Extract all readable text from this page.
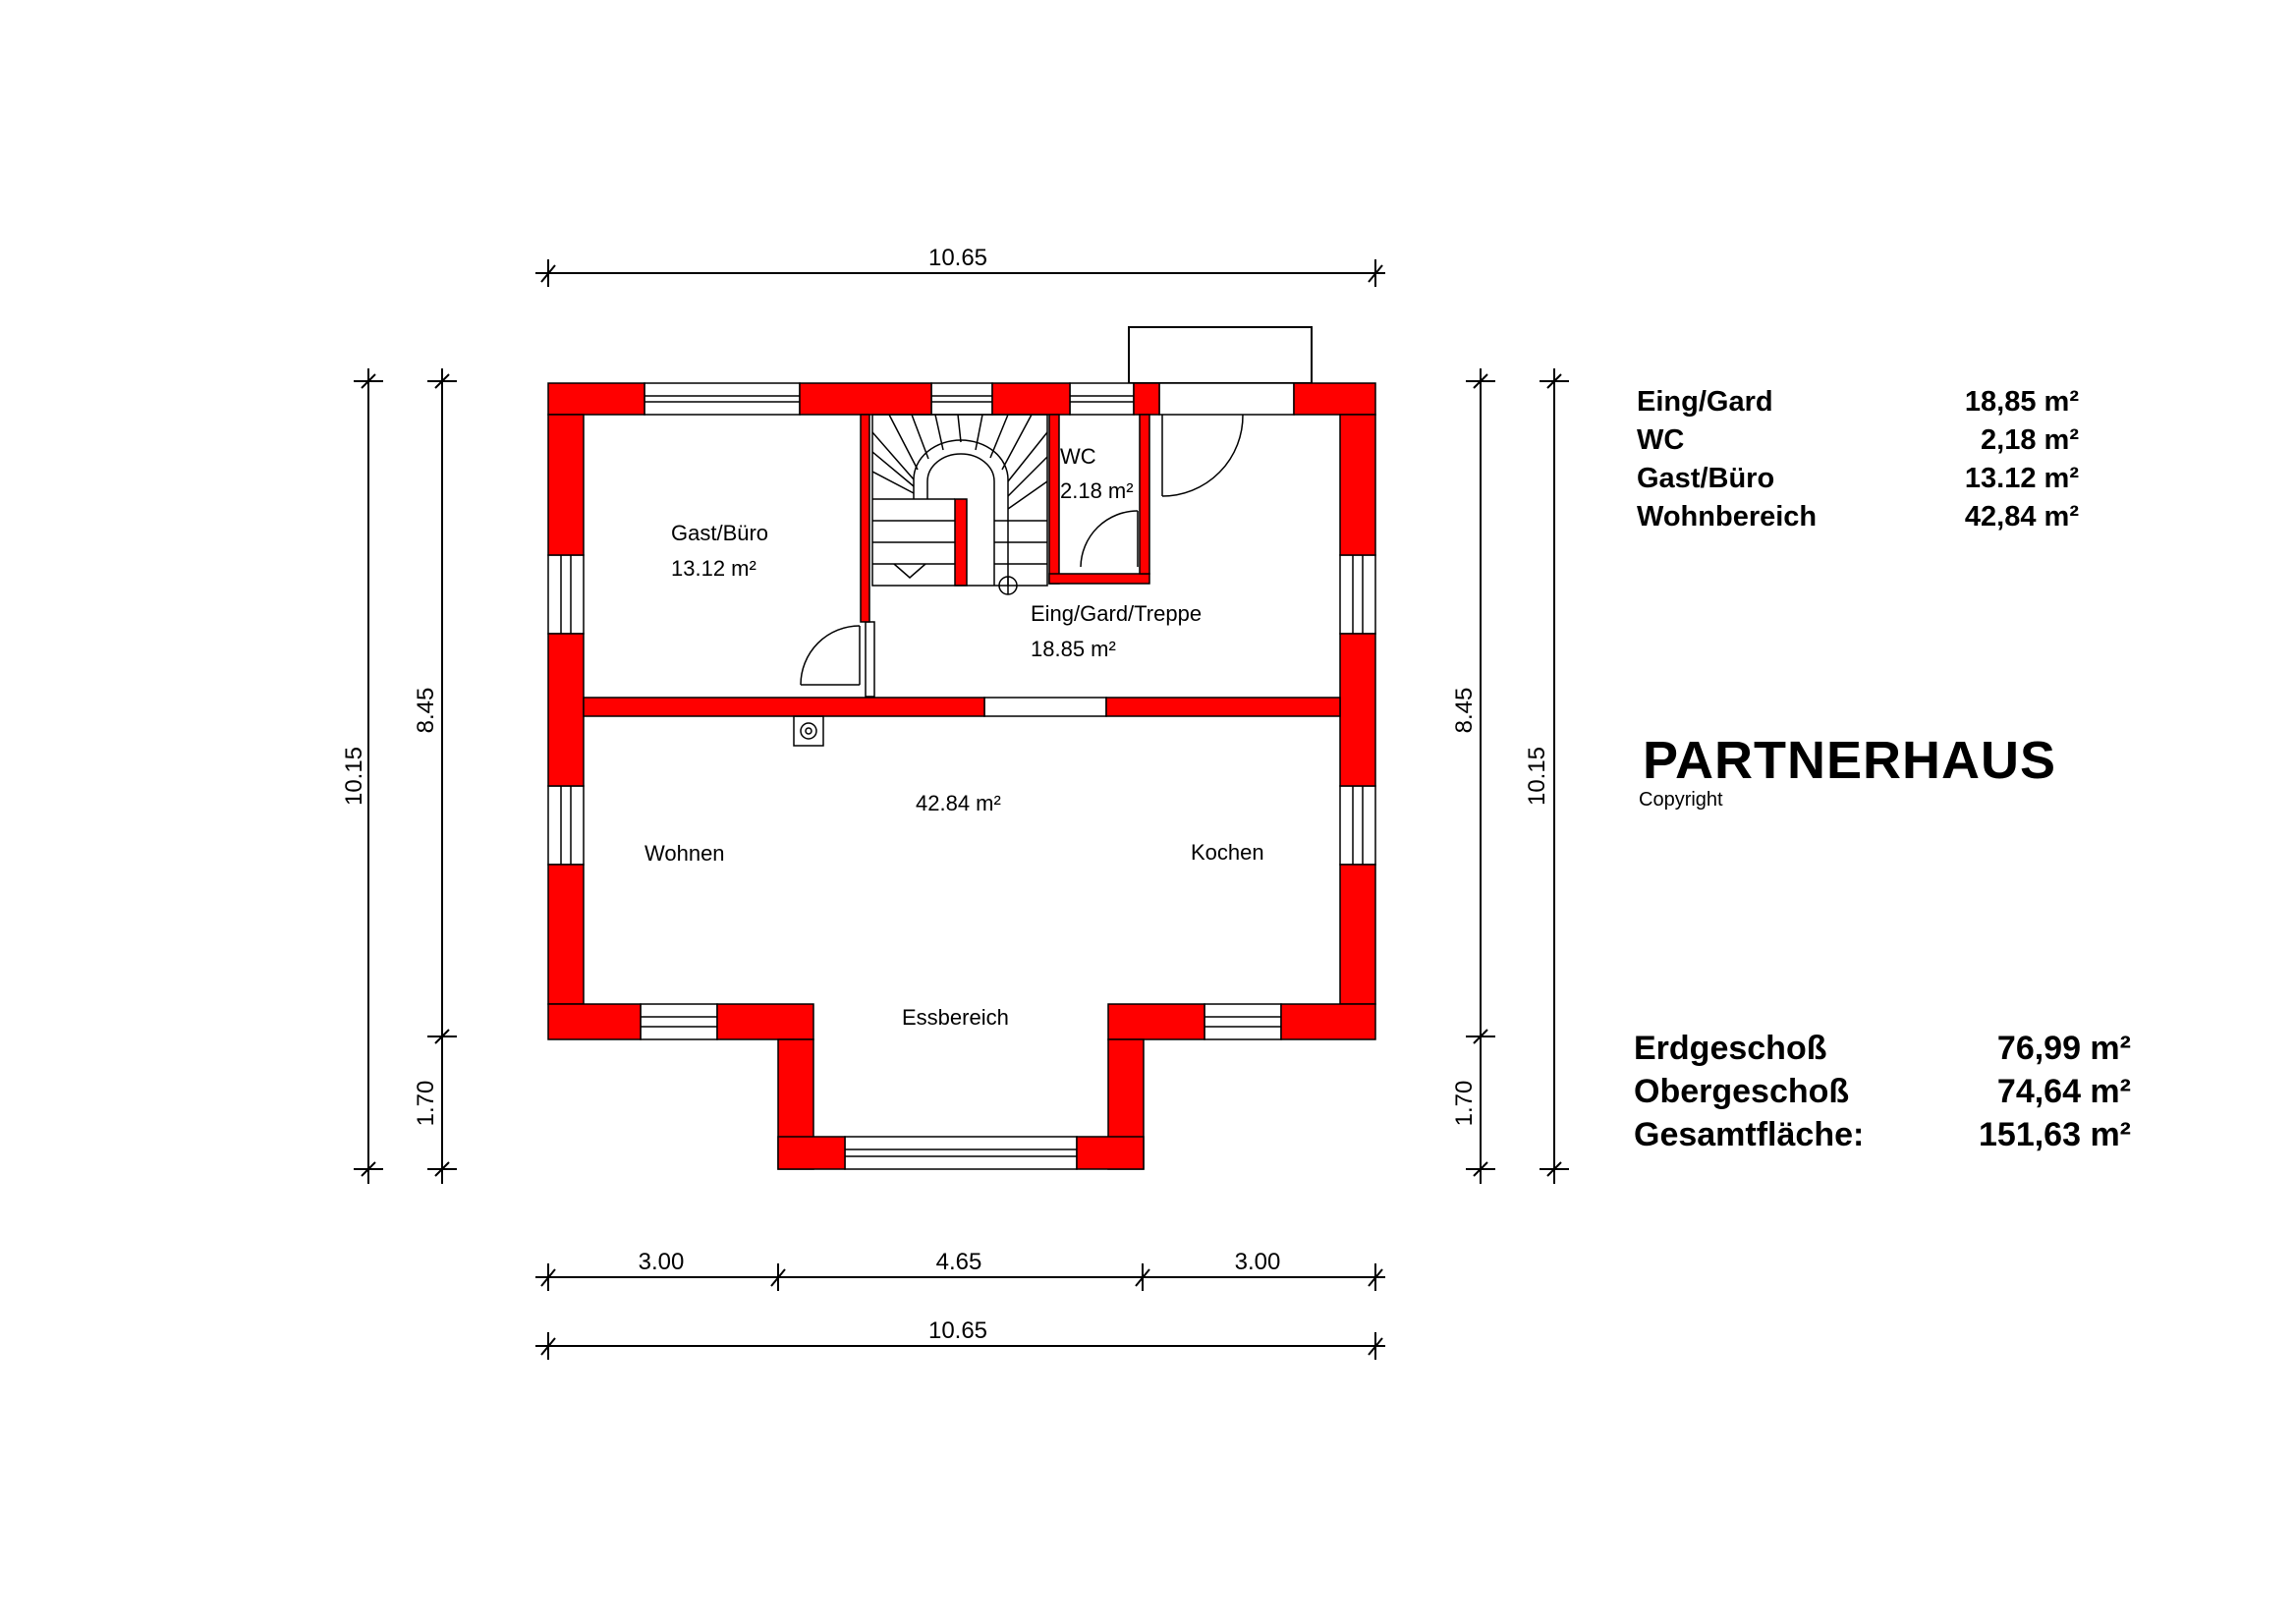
10.65
3.00	4.65	3.00
10.65
10.15
8.45
1.70
8.45
1.70
10.15
Gast/Büro
13.12 m²
WC
2.18 m²
Eing/Gard/Treppe
18.85 m²
42.84 m²
Wohnen	Kochen
Essbereich
Eing/Gard	18,85 m²
WC	2,18 m²
Gast/Büro	13.12 m²
Wohnbereich	42,84 m²
PARTNERHAUS
Copyright
Erdgeschoß	76,99 m²
Obergeschoß	74,64 m²
Gesamtfläche:	151,63 m²
